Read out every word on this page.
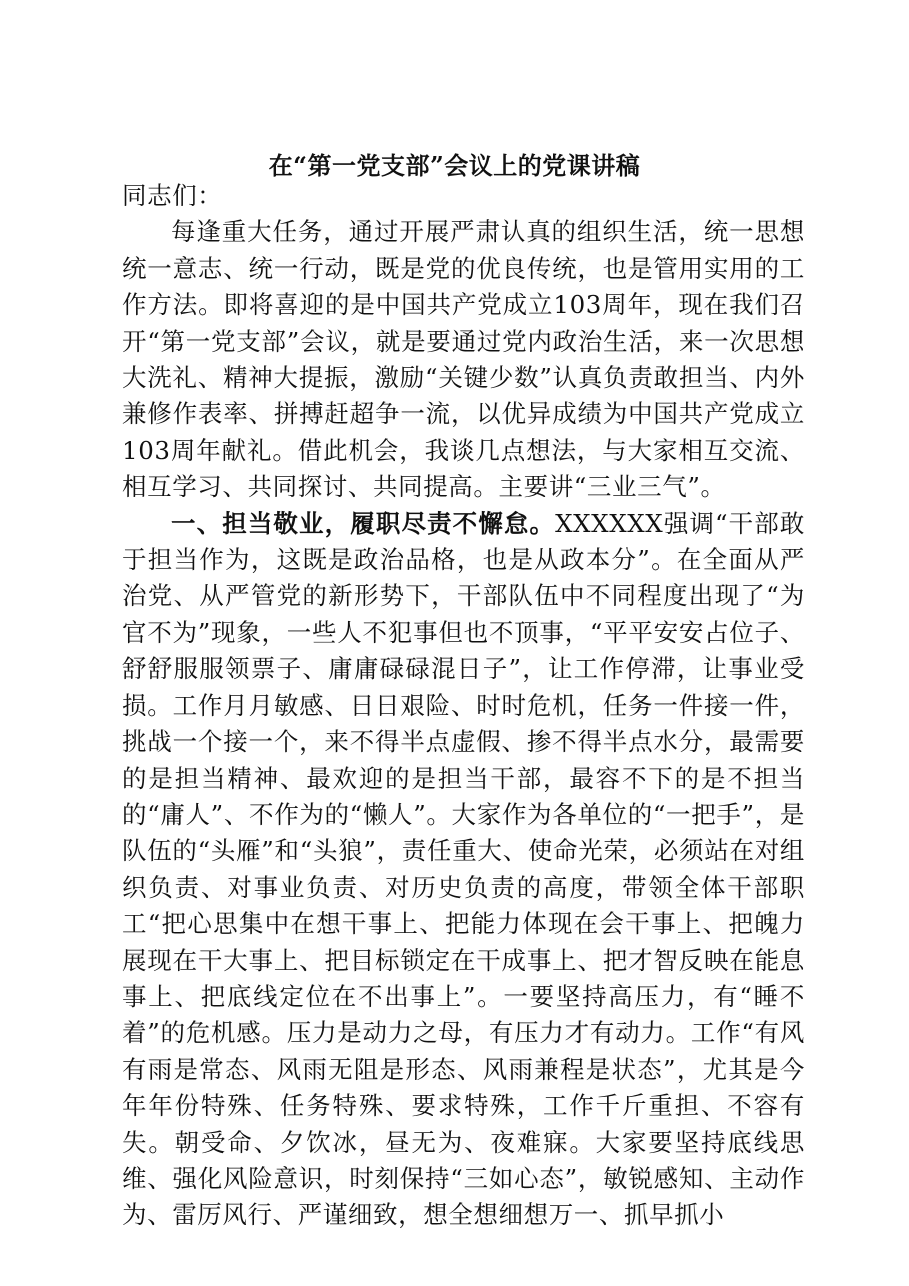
在“第一党支部”会议上的党课讲稿

同志们：

每逢重大任务，通过开展严肃认真的组织生活，统一思想统一意志、统一行动，既是党的优良传统，也是管用实用的工作方法。即将喜迎的是中国共产党成立103周年，现在我们召开“第一党支部”会议，就是要通过党内政治生活，来一次思想大洗礼、精神大提振，激励“关键少数”认真负责敢担当、内外兼修作表率、拼搏赶超争一流，以优异成绩为中国共产党成立103周年献礼。借此机会，我谈几点想法，与大家相互交流、相互学习、共同探讨、共同提高。主要讲“三业三气”。

一、担当敬业，履职尽责不懈怠。XXXXXX强调“干部敢于担当作为，这既是政治品格，也是从政本分”。在全面从严治党、从严管党的新形势下，干部队伍中不同程度出现了“为官不为”现象，一些人不犯事但也不顶事，“平平安安占位子、舒舒服服领票子、庸庸碌碌混日子”，让工作停滞，让事业受损。工作月月敏感、日日艰险、时时危机，任务一件接一件，挑战一个接一个，来不得半点虚假、掺不得半点水分，最需要的是担当精神、最欢迎的是担当干部，最容不下的是不担当的“庸人”、不作为的“懒人”。大家作为各单位的“一把手”，是队伍的“头雁”和“头狼”，责任重大、使命光荣，必须站在对组织负责、对事业负责、对历史负责的高度，带领全体干部职工“把心思集中在想干事上、把能力体现在会干事上、把魄力展现在干大事上、把目标锁定在干成事上、把才智反映在能息事上、把底线定位在不出事上”。一要坚持高压力，有“睡不着”的危机感。压力是动力之母，有压力才有动力。工作“有风有雨是常态、风雨无阻是形态、风雨兼程是状态”，尤其是今年年份特殊、任务特殊、要求特殊，工作千斤重担、不容有失。朝受命、夕饮冰，昼无为、夜难寐。大家要坚持底线思维、强化风险意识，时刻保持“三如心态”，敏锐感知、主动作为、雷厉风行、严谨细致，想全想细想万一、抓早抓小
